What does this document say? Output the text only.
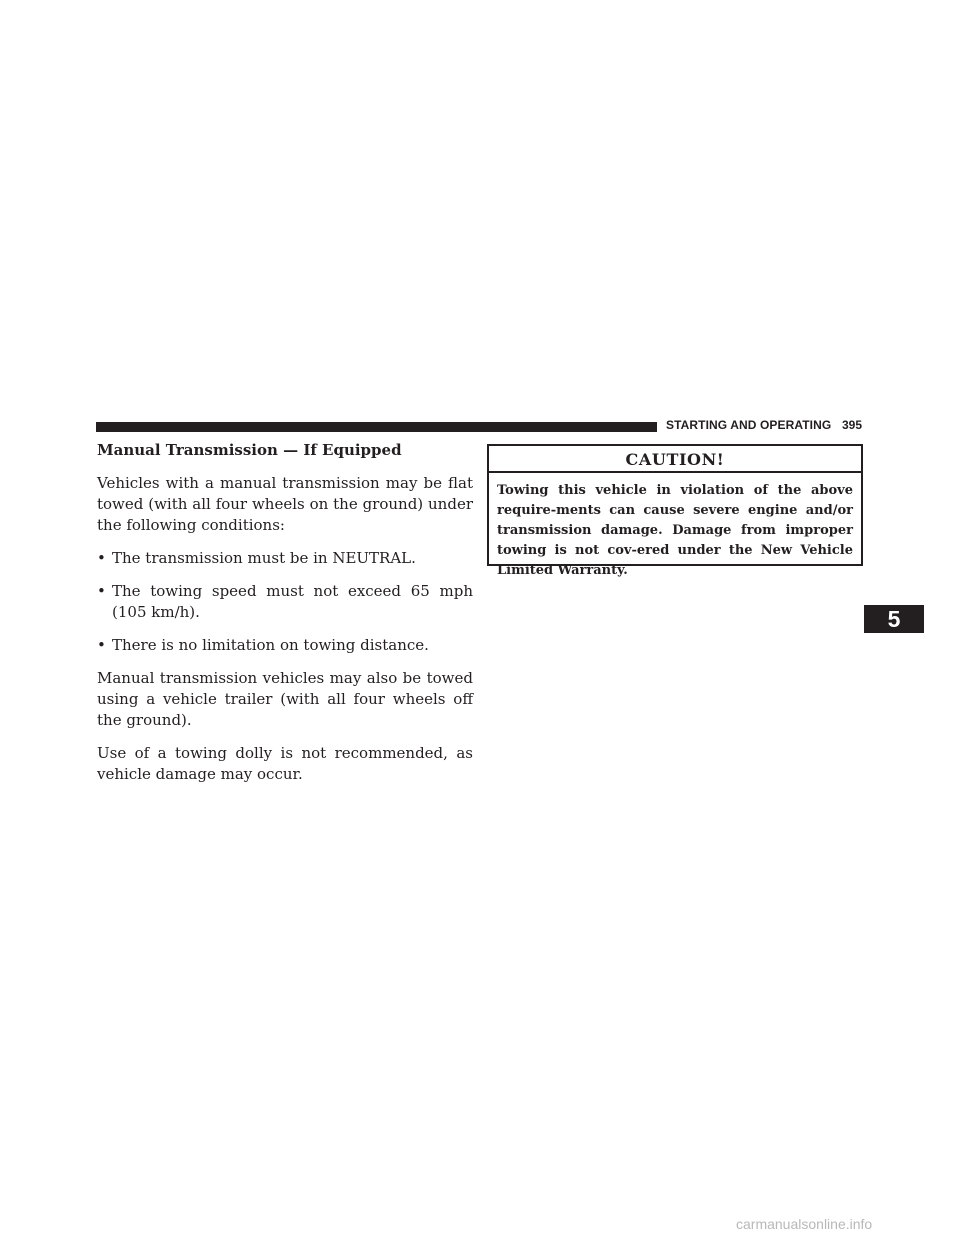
STARTING AND OPERATING 395
Manual Transmission — If Equipped

Vehicles with a manual transmission may be flat towed (with all four wheels on the ground) under the following conditions:

• The transmission must be in NEUTRAL.
• The towing speed must not exceed 65 mph (105 km/h).
• There is no limitation on towing distance.

Manual transmission vehicles may also be towed using a vehicle trailer (with all four wheels off the ground).

Use of a towing dolly is not recommended, as vehicle damage may occur.

CAUTION!
Towing this vehicle in violation of the above require-ments can cause severe engine and/or transmission damage. Damage from improper towing is not cov-ered under the New Vehicle Limited Warranty.
5
carmanualsonline.info
